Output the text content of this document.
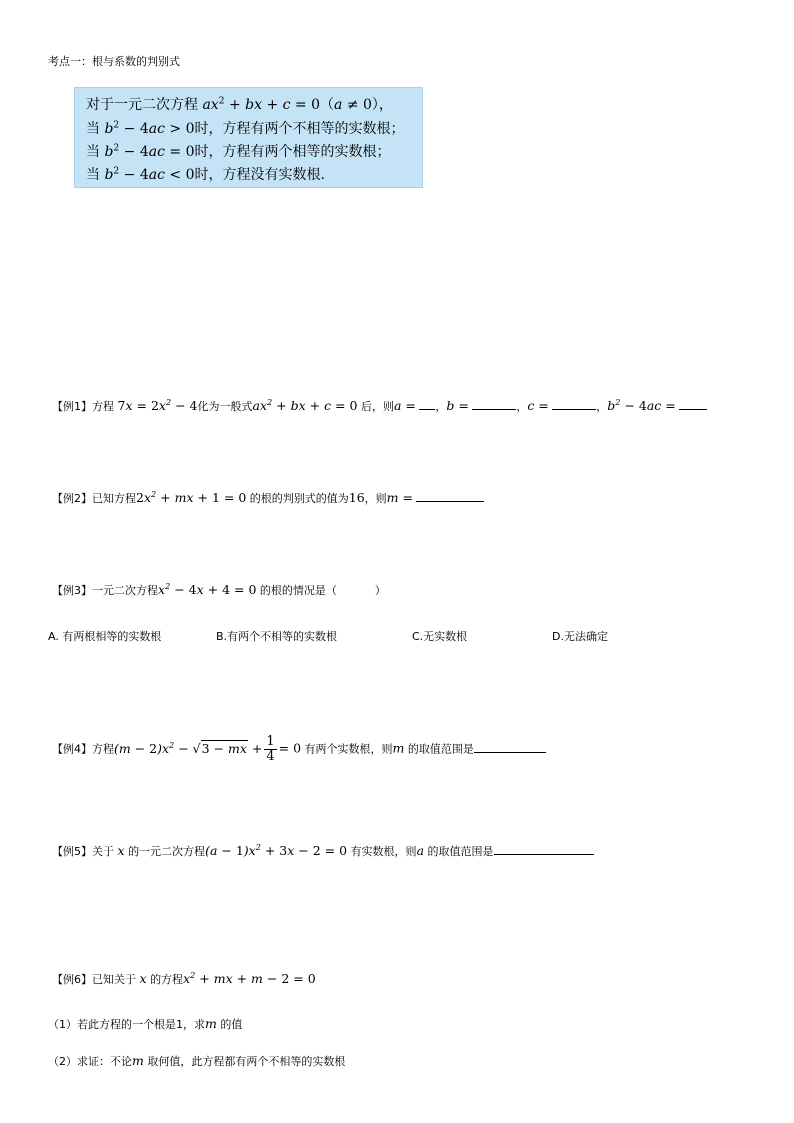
考点一：根与系数的判别式
对于一元二次方程 $ax^2$ + bx + c = 0（a ≠ 0），
当 $b^2 - 4ac > 0$时，方程有两个不相等的实数根；
当 $b^2 - 4ac = 0$时，方程有两个相等的实数根；
当 $b^2 - 4ac < 0$时，方程没有实数根.
【例1】方程 $7x = 2x^2 - 4$化为一般式$ax^2$ + bx + c = 0 后，则a = ，b =	，c =	，$b^2 - 4ac$ =
【例2】已知方程$2x^2$ + mx + 1 = 0 的根的判别式的值为16，则m =
【例3】一元二次方程$x^2 - 4x + 4 = 0$ 的根的情况是（	）
A. 有两根相等的实数根	B.有两个不相等的实数根	C.无实数根	D.无法确定
【例4】方程$(m - 2)x^2 - √3$ − mx + $\frac{1}{4} = 0$ 有两个实数根，则m 的取值范围是
【例5】关于 x 的一元二次方程$(a - 1)x^2 + 3x - 2 = 0$ 有实数根，则a 的取值范围是
【例6】已知关于 x 的方程$x^2$ + mx + m − 2 = 0
（1）若此方程的一个根是1，求m 的值
（2）求证：不论m 取何值，此方程都有两个不相等的实数根
